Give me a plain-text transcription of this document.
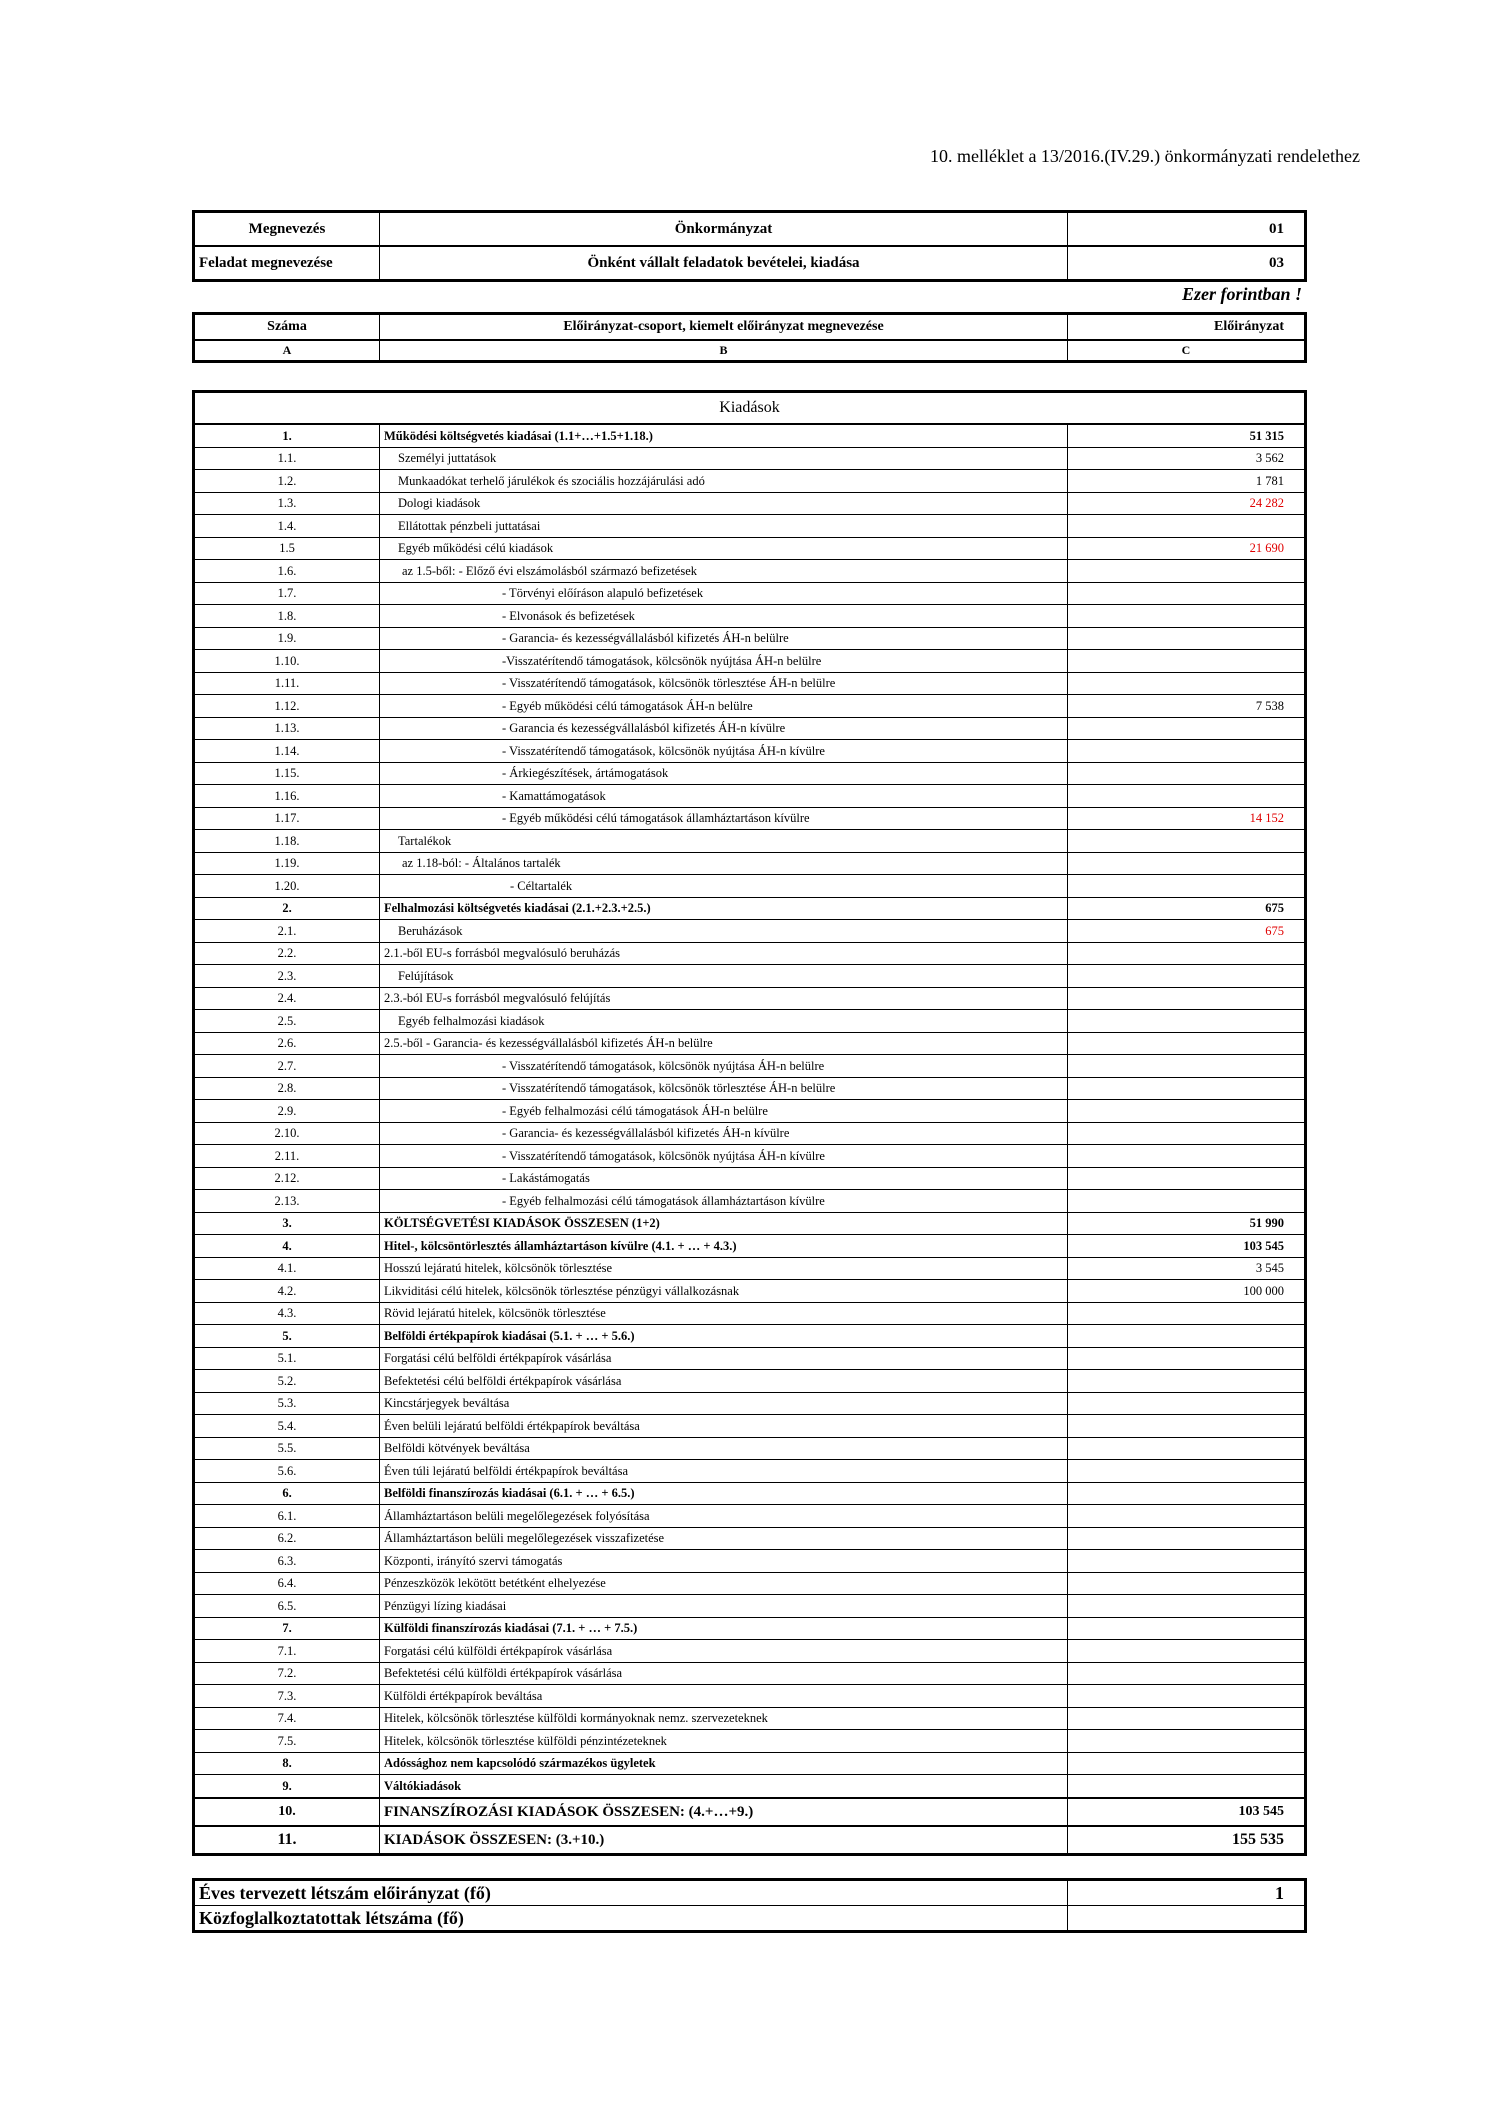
10. melléklet a 13/2016.(IV.29.) önkormányzati rendelethez
Megnevezés	Önkormányzat	01
Feladat megnevezése	Önként vállalt feladatok bevételei, kiadása	03
Ezer forintban !
Száma	Előirányzat-csoport, kiemelt előirányzat megnevezése	Előirányzat
A	B	C
Kiadások		
1.	Működési költségvetés kiadásai (1.1+…+1.5+1.18.)	51 315
1.1.	Személyi juttatások	3 562
1.2.	Munkaadókat terhelő járulékok és szociális hozzájárulási adó	1 781
1.3.	Dologi kiadások	24 282
1.4.	Ellátottak pénzbeli juttatásai	
1.5	Egyéb működési célú kiadások	21 690
1.6.	az 1.5-ből: - Előző évi elszámolásból származó befizetések	
1.7.	- Törvényi előíráson alapuló befizetések	
1.8.	- Elvonások és befizetések	
1.9.	- Garancia- és kezességvállalásból kifizetés ÁH-n belülre	
1.10.	-Visszatérítendő támogatások, kölcsönök nyújtása ÁH-n belülre	
1.11.	- Visszatérítendő támogatások, kölcsönök törlesztése ÁH-n belülre	
1.12.	- Egyéb működési célú támogatások ÁH-n belülre	7 538
1.13.	- Garancia és kezességvállalásból kifizetés ÁH-n kívülre	
1.14.	- Visszatérítendő támogatások, kölcsönök nyújtása ÁH-n kívülre	
1.15.	- Árkiegészítések, ártámogatások	
1.16.	- Kamattámogatások	
1.17.	- Egyéb működési célú támogatások államháztartáson kívülre	14 152
1.18.	Tartalékok	
1.19.	az 1.18-ból: - Általános tartalék	
1.20.	- Céltartalék	
2.	Felhalmozási költségvetés kiadásai (2.1.+2.3.+2.5.)	675
2.1.	Beruházások	675
2.2.	2.1.-ből EU-s forrásból megvalósuló beruházás	
2.3.	Felújítások	
2.4.	2.3.-ból EU-s forrásból megvalósuló felújítás	
2.5.	Egyéb felhalmozási kiadások	
2.6.	2.5.-ből - Garancia- és kezességvállalásból kifizetés ÁH-n belülre	
2.7.	- Visszatérítendő támogatások, kölcsönök nyújtása ÁH-n belülre	
2.8.	- Visszatérítendő támogatások, kölcsönök törlesztése ÁH-n belülre	
2.9.	- Egyéb felhalmozási célú támogatások ÁH-n belülre	
2.10.	- Garancia- és kezességvállalásból kifizetés ÁH-n kívülre	
2.11.	- Visszatérítendő támogatások, kölcsönök nyújtása ÁH-n kívülre	
2.12.	- Lakástámogatás	
2.13.	- Egyéb felhalmozási célú támogatások államháztartáson kívülre	
3.	KÖLTSÉGVETÉSI KIADÁSOK ÖSSZESEN (1+2)	51 990
4.	Hitel-, kölcsöntörlesztés államháztartáson kívülre (4.1. + … + 4.3.)	103 545
4.1.	Hosszú lejáratú hitelek, kölcsönök törlesztése	3 545
4.2.	Likviditási célú hitelek, kölcsönök törlesztése pénzügyi vállalkozásnak	100 000
4.3.	Rövid lejáratú hitelek, kölcsönök törlesztése	
5.	Belföldi értékpapírok kiadásai (5.1. + … + 5.6.)	
5.1.	Forgatási célú belföldi értékpapírok vásárlása	
5.2.	Befektetési célú belföldi értékpapírok vásárlása	
5.3.	Kincstárjegyek beváltása	
5.4.	Éven belüli lejáratú belföldi értékpapírok beváltása	
5.5.	Belföldi kötvények beváltása	
5.6.	Éven túli lejáratú belföldi értékpapírok beváltása	
6.	Belföldi finanszírozás kiadásai (6.1. + … + 6.5.)	
6.1.	Államháztartáson belüli megelőlegezések folyósítása	
6.2.	Államháztartáson belüli megelőlegezések visszafizetése	
6.3.	Központi, irányító szervi támogatás	
6.4.	Pénzeszközök lekötött betétként elhelyezése	
6.5.	Pénzügyi lízing kiadásai	
7.	Külföldi finanszírozás kiadásai (7.1. + … + 7.5.)	
7.1.	Forgatási célú külföldi értékpapírok vásárlása	
7.2.	Befektetési célú külföldi értékpapírok vásárlása	
7.3.	Külföldi értékpapírok beváltása	
7.4.	Hitelek, kölcsönök törlesztése külföldi kormányoknak nemz. szervezeteknek	
7.5.	Hitelek, kölcsönök törlesztése külföldi pénzintézeteknek	
8.	Adóssághoz nem kapcsolódó származékos ügyletek	
9.	Váltókiadások	
10.	FINANSZÍROZÁSI KIADÁSOK ÖSSZESEN: (4.+…+9.)	103 545
11.	KIADÁSOK ÖSSZESEN: (3.+10.)	155 535
Éves tervezett létszám előirányzat (fő)	1
Közfoglalkoztatottak létszáma (fő)	
